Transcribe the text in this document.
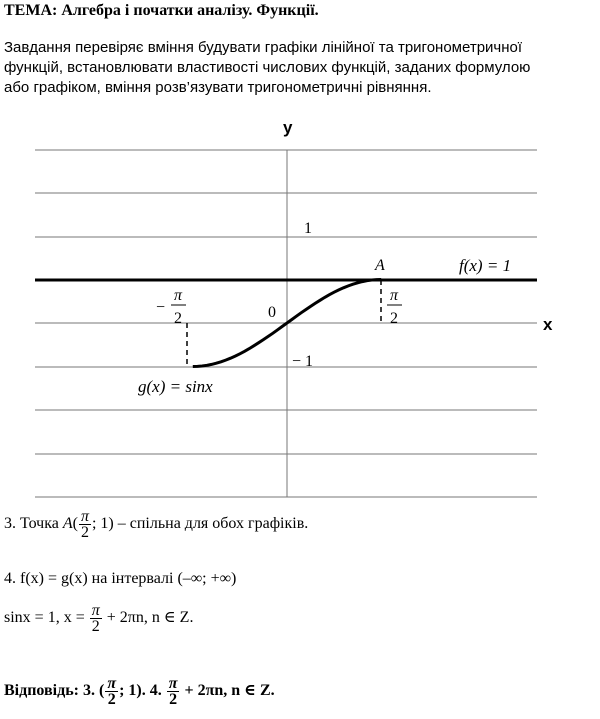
ТЕМА: Алгебра і початки аналізу. Функції.
Завдання перевіряє вміння будувати графіки лінійної та тригонометричної
функцій, встановлювати властивості числових функцій, заданих формулою
або графіком, вміння розв’язувати тригонометричні рівняння.
y
x
1
− 1
0
A
−
π
2
π
2
f(x) = 1
g(x) = sinx
3. Точка $A( \frac{\pi}{2}$ ; 1) – спільна для обох графіків.
4. f(x) = g(x) на інтервалі (–∞; +∞)
sinx = 1, $x = \frac{\pi}{2} + 2\pi n$, n ∈ Z.
Відповідь: 3. ( $\frac{\pi}{2}$ ; 1). 4. $\frac{\pi}{2} + 2\pi n$, n ∈ Z.
